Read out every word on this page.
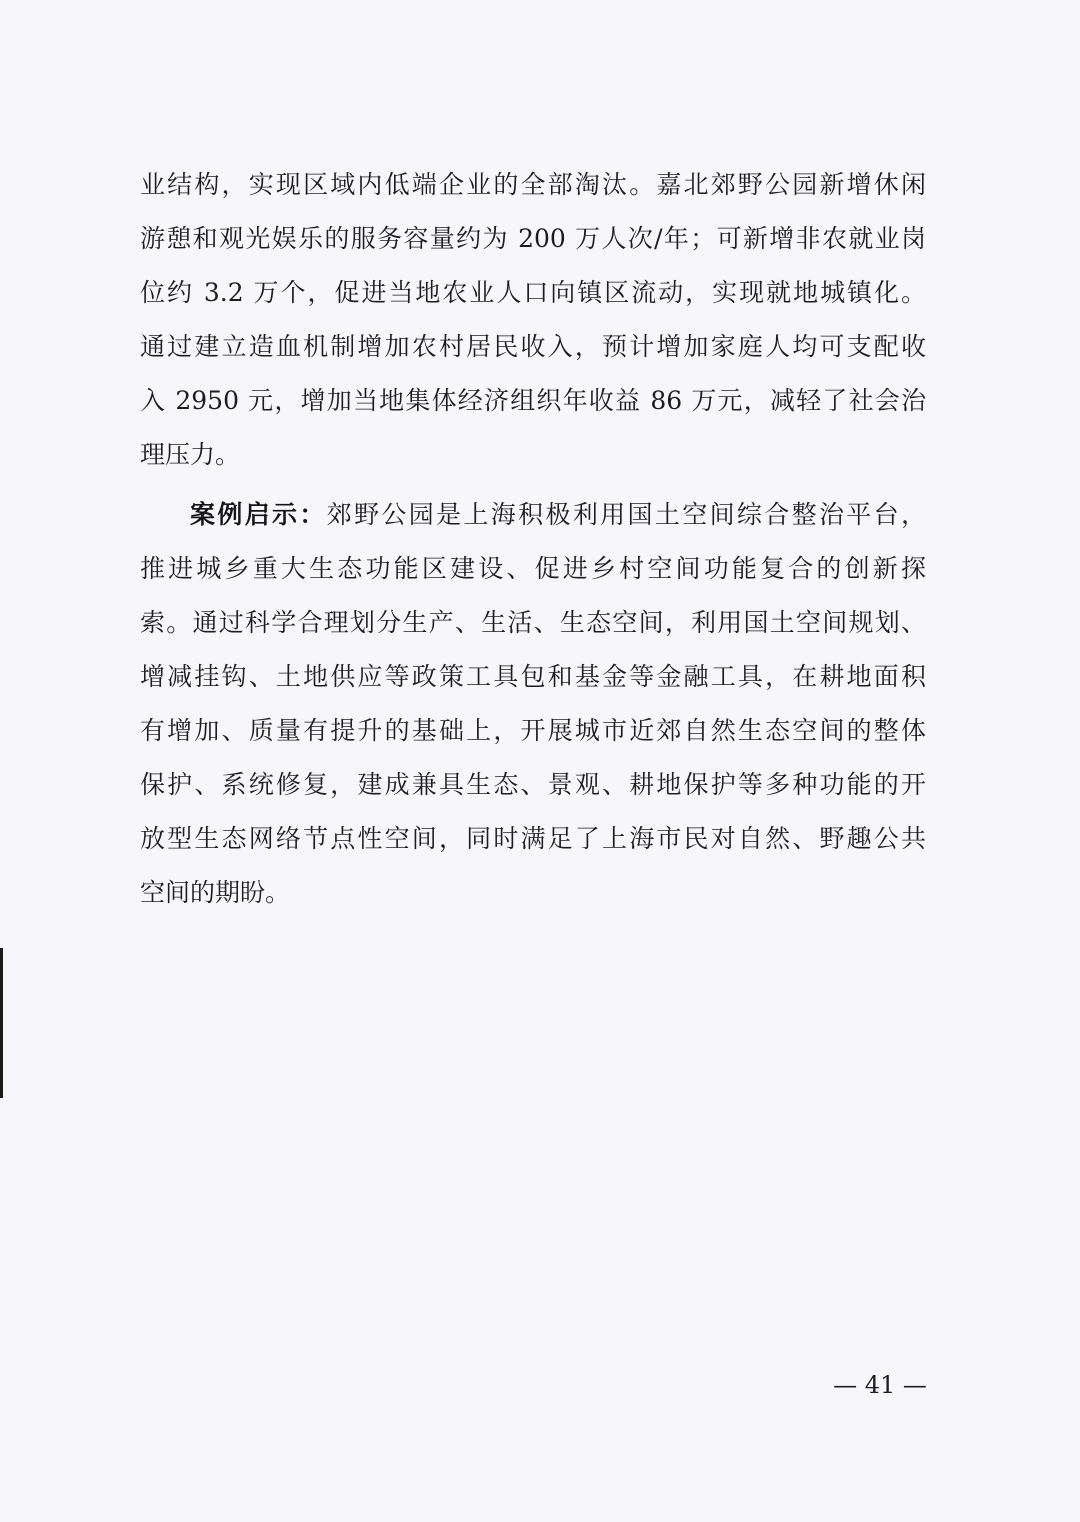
业结构，实现区域内低端企业的全部淘汰。嘉北郊野公园新增休闲

游憩和观光娱乐的服务容量约为 200 万人次/年；可新增非农就业岗

位约 3.2 万个，促进当地农业人口向镇区流动，实现就地城镇化。

通过建立造血机制增加农村居民收入，预计增加家庭人均可支配收

入 2950 元，增加当地集体经济组织年收益 86 万元，减轻了社会治

理压力。

案例启示：郊野公园是上海积极利用国土空间综合整治平台，

推进城乡重大生态功能区建设、促进乡村空间功能复合的创新探

索。通过科学合理划分生产、生活、生态空间，利用国土空间规划、

增减挂钩、土地供应等政策工具包和基金等金融工具，在耕地面积

有增加、质量有提升的基础上，开展城市近郊自然生态空间的整体

保护、系统修复，建成兼具生态、景观、耕地保护等多种功能的开

放型生态网络节点性空间，同时满足了上海市民对自然、野趣公共

空间的期盼。

— 41 —
